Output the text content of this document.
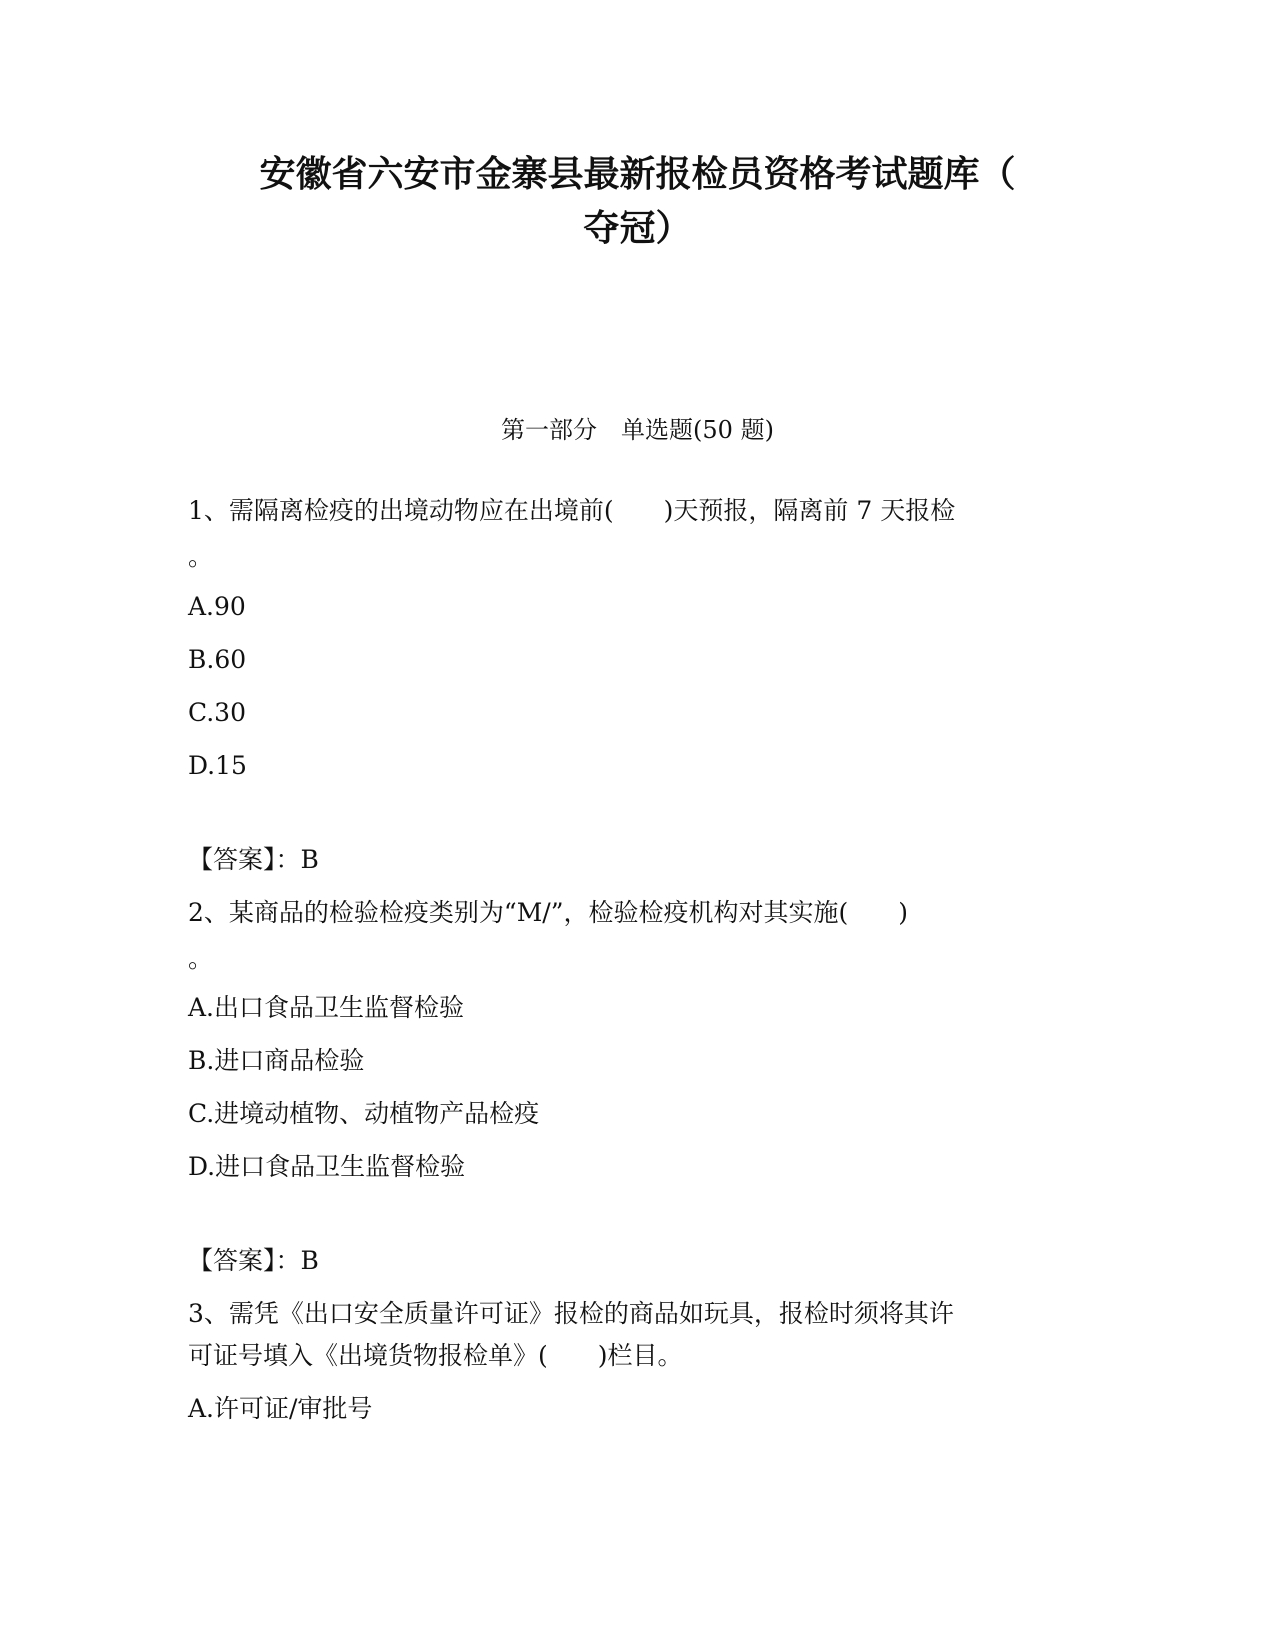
安徽省六安市金寨县最新报检员资格考试题库（
夺冠）
第一部分　单选题(50 题)
1、需隔离检疫的出境动物应在出境前(　　)天预报，隔离前 7 天报检
。
A.90
B.60
C.30
D.15
【答案】：B
2、某商品的检验检疫类别为“M/”，检验检疫机构对其实施(　　)
。
A.出口食品卫生监督检验
B.进口商品检验
C.进境动植物、动植物产品检疫
D.进口食品卫生监督检验
【答案】：B
3、需凭《出口安全质量许可证》报检的商品如玩具，报检时须将其许
可证号填入《出境货物报检单》(　　)栏目。
A.许可证/审批号
